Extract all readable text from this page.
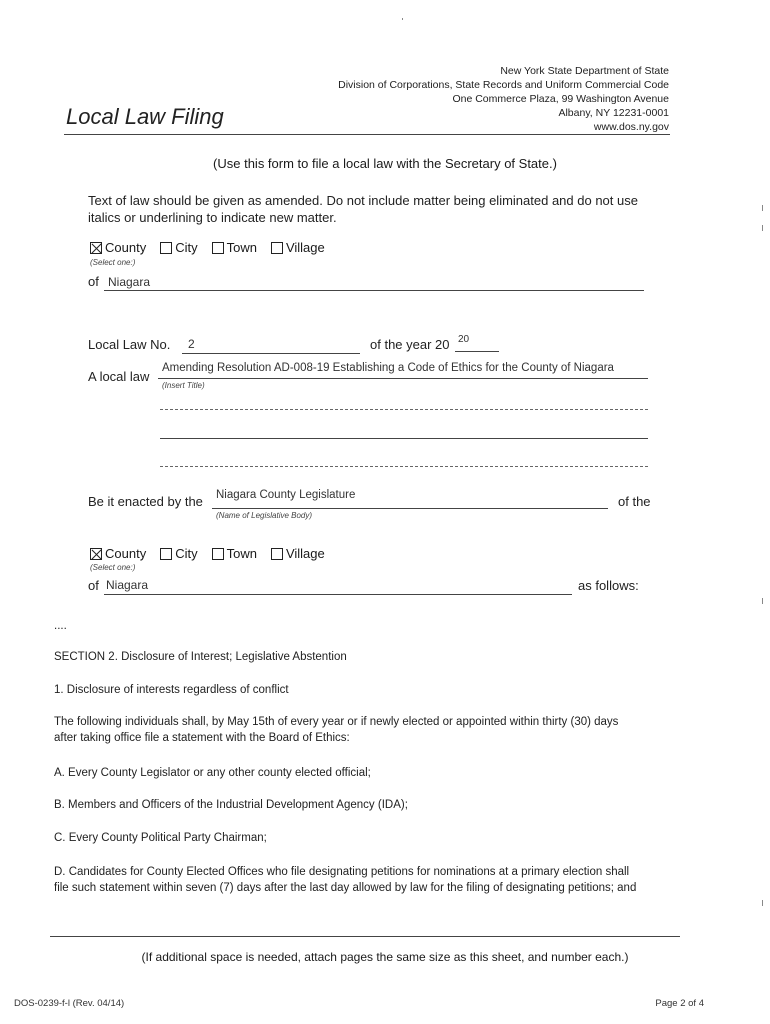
New York State Department of State
Division of Corporations, State Records and Uniform Commercial Code
One Commerce Plaza, 99 Washington Avenue
Albany, NY 12231-0001
www.dos.ny.gov
Local Law Filing
(Use this form to file a local law with the Secretary of State.)
Text of law should be given as amended. Do not include matter being eliminated and do not use
italics or underlining to indicate new matter.
County City Town Village
(Select one:)
of Niagara
Local Law No. 2	of the year 20 20
A local law
Amending Resolution AD-008-19 Establishing a Code of Ethics for the County of Niagara
(Insert Title)
Be it enacted by the Niagara County Legislature
(Name of Legislative Body)
of the
County City Town Village
(Select one:)
of Niagara	as follows:
....
SECTION 2. Disclosure of Interest; Legislative Abstention
1. Disclosure of interests regardless of conflict
The following individuals shall, by May 15th of every year or if newly elected or appointed within thirty (30) days
after taking office file a statement with the Board of Ethics:
A. Every County Legislator or any other county elected official;
B. Members and Officers of the Industrial Development Agency (IDA);
C. Every County Political Party Chairman;
D. Candidates for County Elected Offices who file designating petitions for nominations at a primary election shall
file such statement within seven (7) days after the last day allowed by law for the filing of designating petitions; and
(If additional space is needed, attach pages the same size as this sheet, and number each.)
DOS-0239-f-l (Rev. 04/14)	Page 2 of 4
